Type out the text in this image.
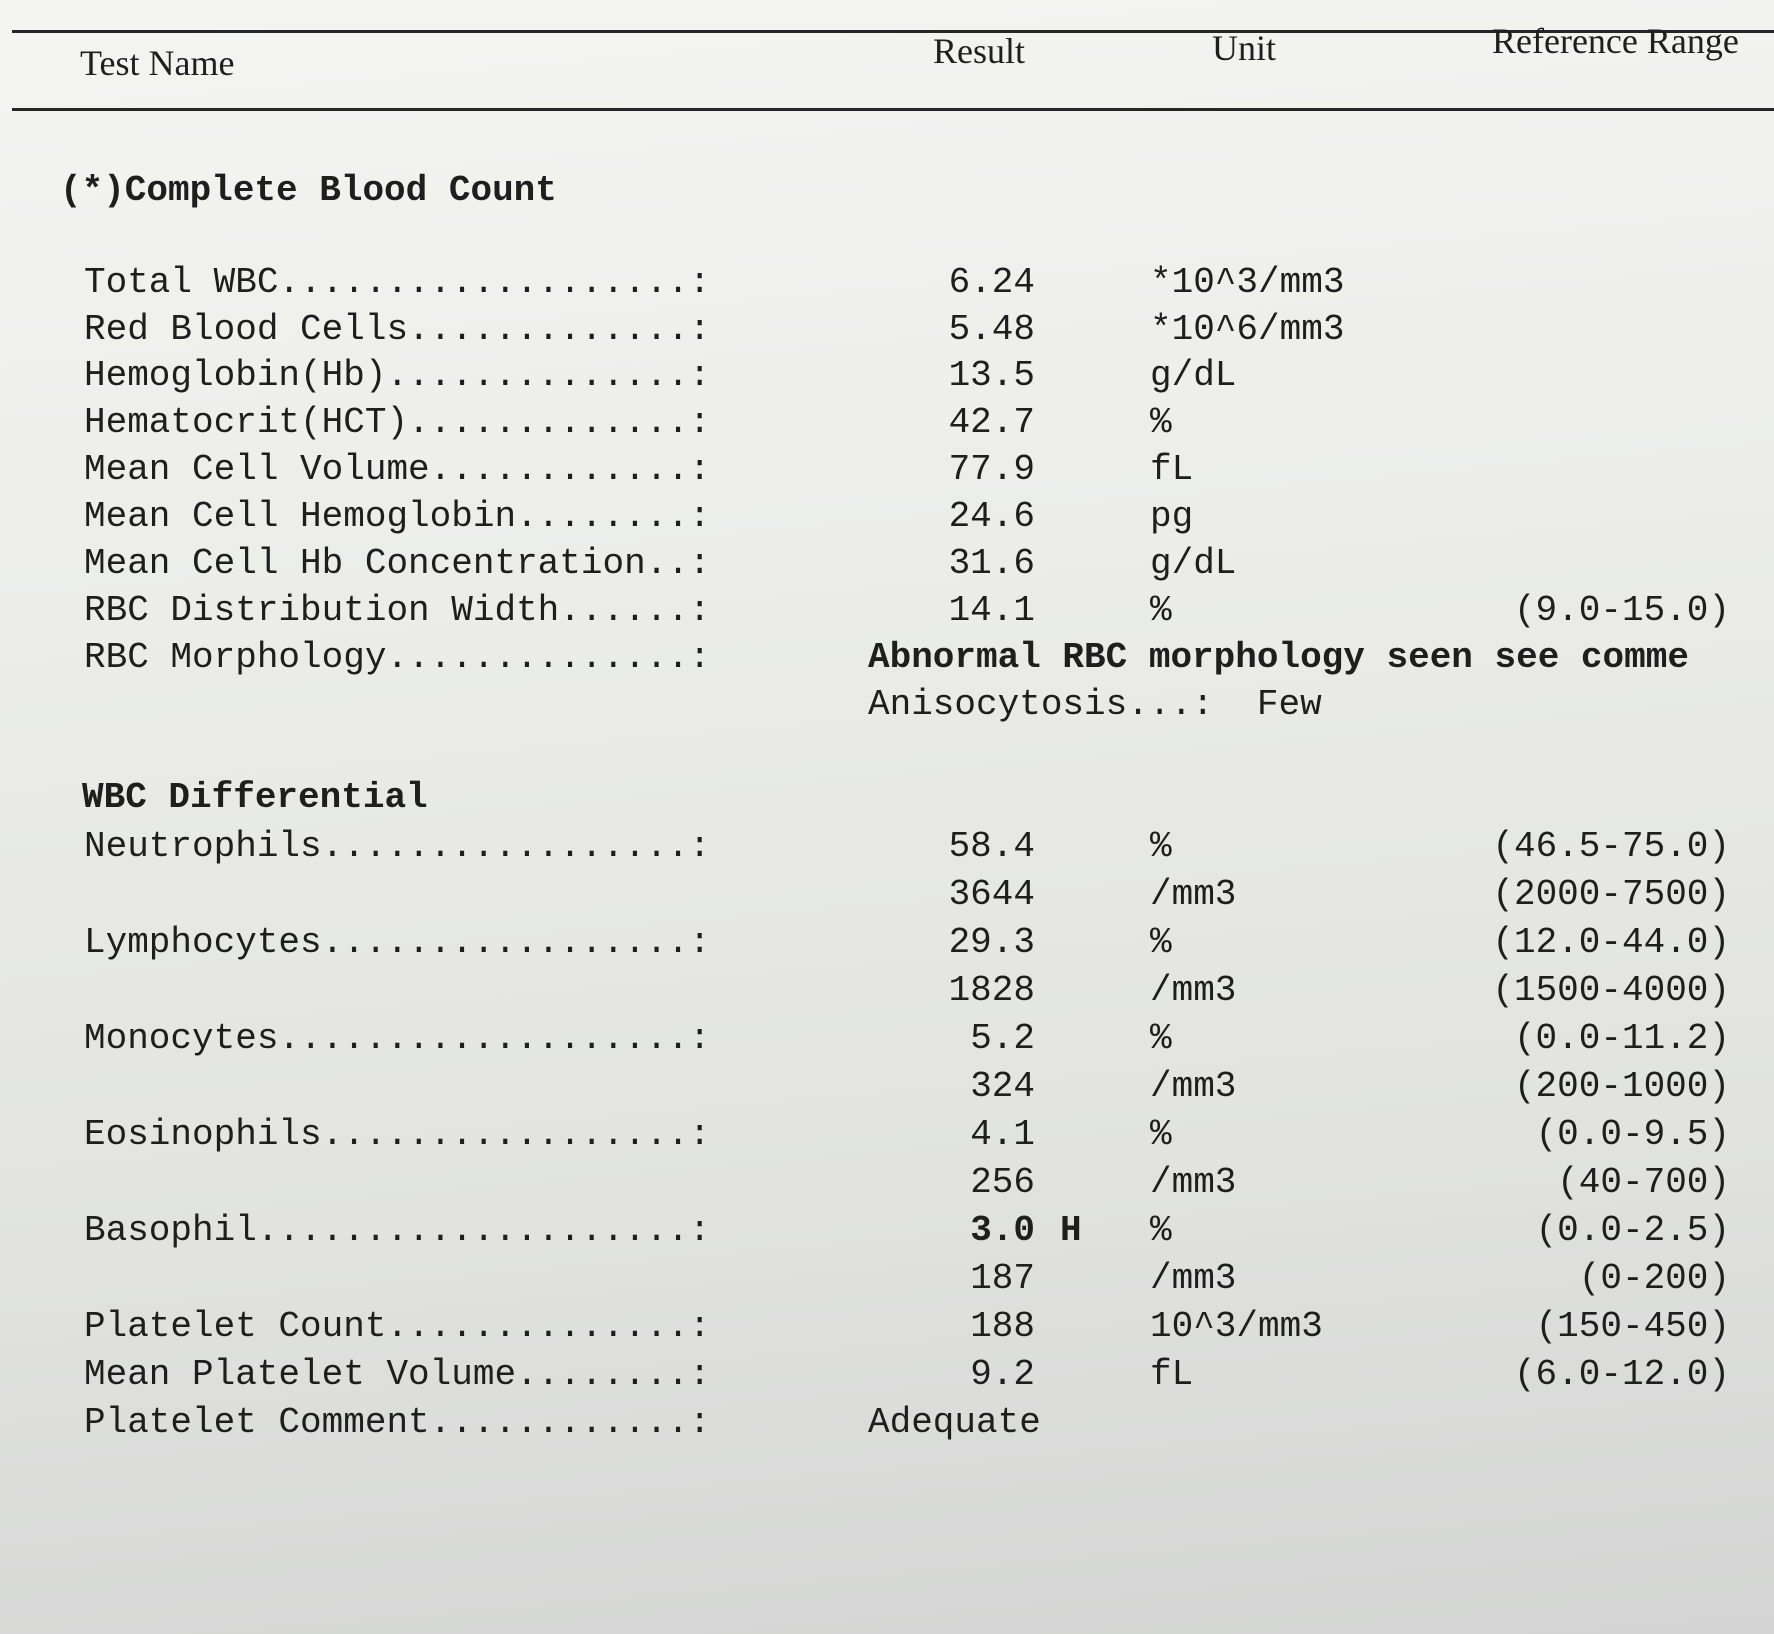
Test Name	Result	Unit	Reference Range
(*)Complete Blood Count
Total WBC...................:	6.24	*10^3/mm3
Red Blood Cells.............:	5.48	*10^6/mm3
Hemoglobin(Hb)..............:	13.5	g/dL
Hematocrit(HCT).............:	42.7	%
Mean Cell Volume............:	77.9	fL
Mean Cell Hemoglobin........:	24.6	pg
Mean Cell Hb Concentration..:	31.6	g/dL
RBC Distribution Width......:	14.1	%	(9.0-15.0)
RBC Morphology..............:	Abnormal RBC morphology seen see comme
Anisocytosis...:  Few
WBC Differential
Neutrophils.................:	58.4	%	(46.5-75.0)
3644	/mm3	(2000-7500)
Lymphocytes.................:	29.3	%	(12.0-44.0)
1828	/mm3	(1500-4000)
Monocytes...................:	5.2	%	(0.0-11.2)
324	/mm3	(200-1000)
Eosinophils.................:	4.1	%	(0.0-9.5)
256	/mm3	(40-700)
Basophil....................:	3.0 H %	(0.0-2.5)
187	/mm3	(0-200)
Platelet Count..............:	188	10^3/mm3	(150-450)
Mean Platelet Volume........:	9.2	fL	(6.0-12.0)
Platelet Comment............:	Adequate
